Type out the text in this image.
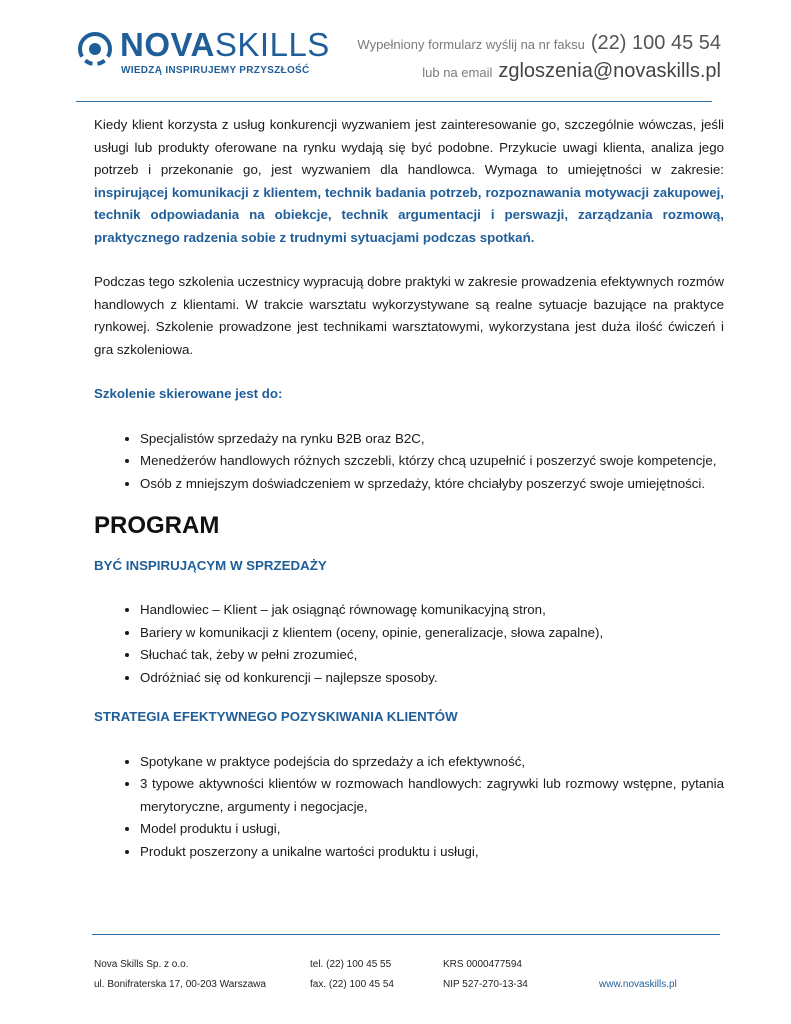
NOVASKILLS
WIEDZĄ INSPIRUJEMY PRZYSZŁOŚĆ
Wypełniony formularz wyślij na nr faksu (22) 100 45 54
lub na email zgloszenia@novaskills.pl

Kiedy klient korzysta z usług konkurencji wyzwaniem jest zainteresowanie go, szczególnie wówczas, jeśli usługi lub produkty oferowane na rynku wydają się być podobne. Przykucie uwagi klienta, analiza jego potrzeb i przekonanie go, jest wyzwaniem dla handlowca. Wymaga to umiejętności w zakresie: inspirującej komunikacji z klientem, technik badania potrzeb, rozpoznawania motywacji zakupowej, technik odpowiadania na obiekcje, technik argumentacji i perswazji, zarządzania rozmową, praktycznego radzenia sobie z trudnymi sytuacjami podczas spotkań.

Podczas tego szkolenia uczestnicy wypracują dobre praktyki w zakresie prowadzenia efektywnych rozmów handlowych z klientami. W trakcie warsztatu wykorzystywane są realne sytuacje bazujące na praktyce rynkowej. Szkolenie prowadzone jest technikami warsztatowymi, wykorzystana jest duża ilość ćwiczeń i gra szkoleniowa.

Szkolenie skierowane jest do:

• Specjalistów sprzedaży na rynku B2B oraz B2C,
• Menedżerów handlowych różnych szczebli, którzy chcą uzupełnić i poszerzyć swoje kompetencje,
• Osób z mniejszym doświadczeniem w sprzedaży, które chciałyby poszerzyć swoje umiejętności.

PROGRAM

BYĆ INSPIRUJĄCYM W SPRZEDAŻY

• Handlowiec – Klient – jak osiągnąć równowagę komunikacyjną stron,
• Bariery w komunikacji z klientem (oceny, opinie, generalizacje, słowa zapalne),
• Słuchać tak, żeby w pełni zrozumieć,
• Odróżniać się od konkurencji – najlepsze sposoby.

STRATEGIA EFEKTYWNEGO POZYSKIWANIA KLIENTÓW

• Spotykane w praktyce podejścia do sprzedaży a ich efektywność,
• 3 typowe aktywności klientów w rozmowach handlowych: zagrywki lub rozmowy wstępne, pytania merytoryczne, argumenty i negocjacje,
• Model produktu i usługi,
• Produkt poszerzony a unikalne wartości produktu i usługi,
Nova Skills Sp. z o.o.
ul. Bonifraterska 17, 00-203 Warszawa
tel. (22) 100 45 55
fax. (22) 100 45 54
KRS 0000477594
NIP 527-270-13-34	www.novaskills.pl
